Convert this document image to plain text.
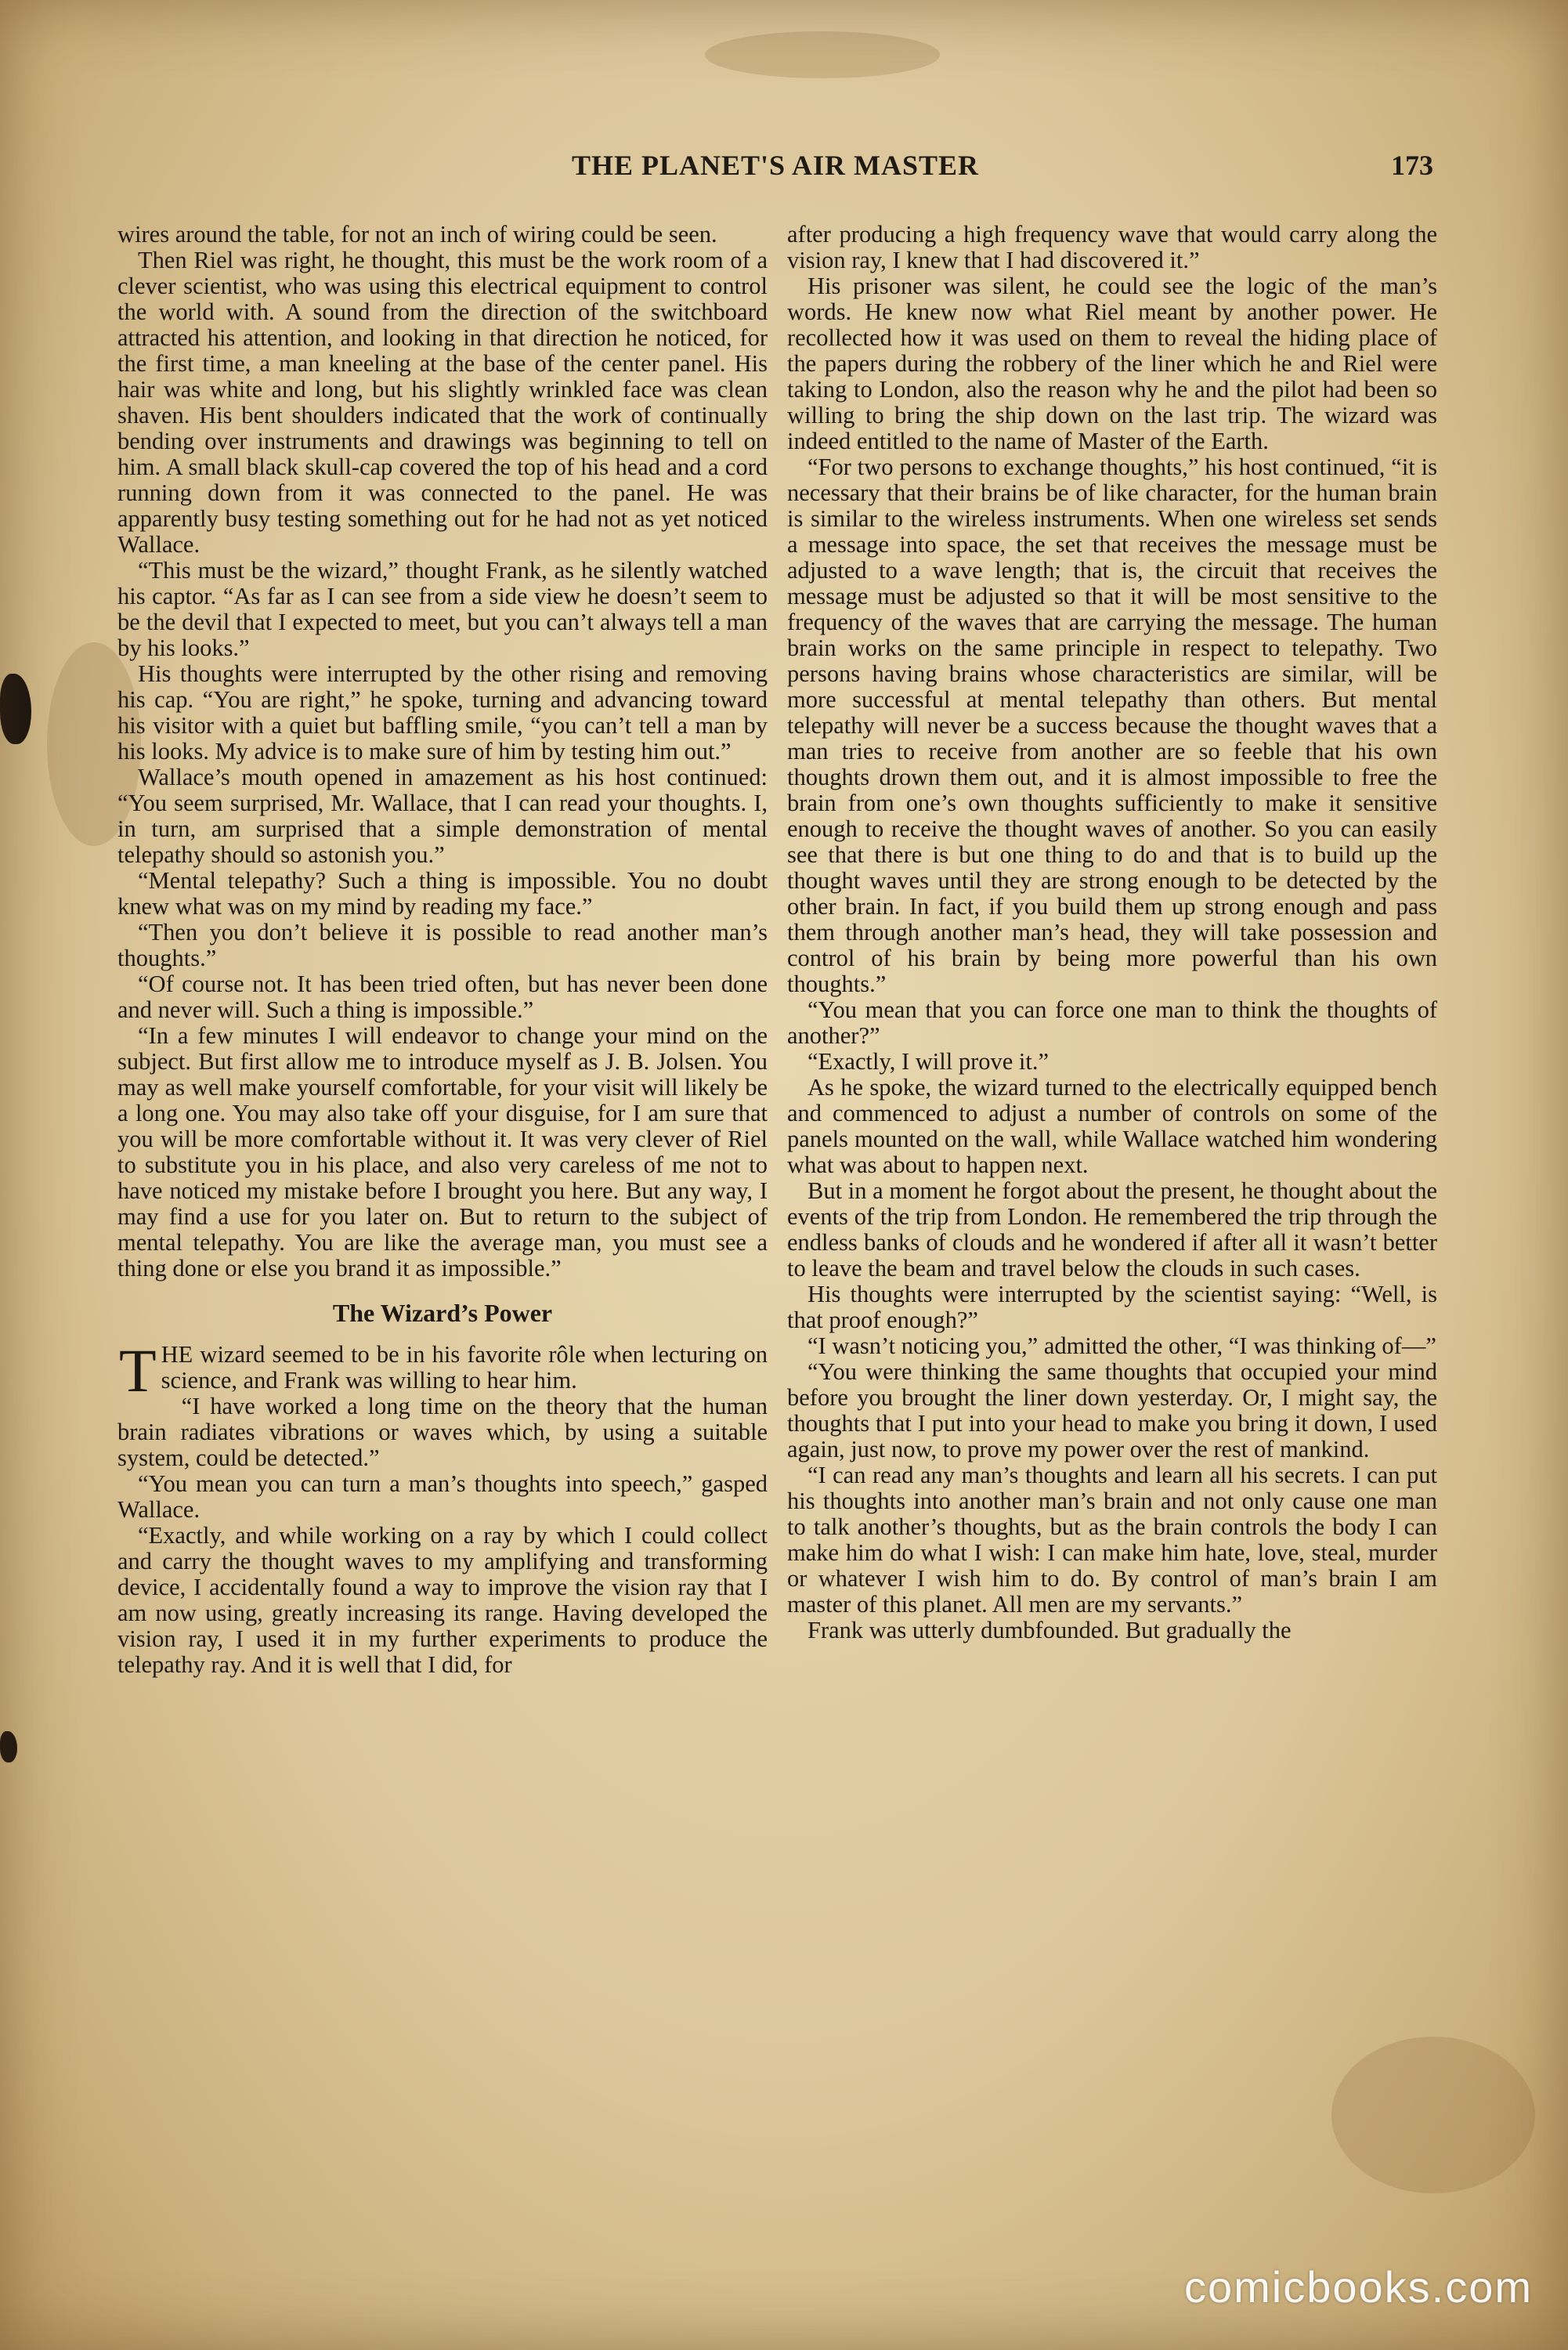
THE PLANET'S AIR MASTER	173

wires around the table, for not an inch of wiring could be seen.

Then Riel was right, he thought, this must be the work room of a clever scientist, who was using this electrical equipment to control the world with. A sound from the direction of the switchboard attracted his attention, and looking in that direction he noticed, for the first time, a man kneeling at the base of the center panel. His hair was white and long, but his slightly wrinkled face was clean shaven. His bent shoulders indicated that the work of continually bending over instruments and drawings was beginning to tell on him. A small black skull-cap covered the top of his head and a cord running down from it was connected to the panel. He was apparently busy testing something out for he had not as yet noticed Wallace.

“This must be the wizard,” thought Frank, as he silently watched his captor. “As far as I can see from a side view he doesn’t seem to be the devil that I expected to meet, but you can’t always tell a man by his looks.”

His thoughts were interrupted by the other rising and removing his cap. “You are right,” he spoke, turning and advancing toward his visitor with a quiet but baffling smile, “you can’t tell a man by his looks. My advice is to make sure of him by testing him out.”

Wallace’s mouth opened in amazement as his host continued: “You seem surprised, Mr. Wallace, that I can read your thoughts. I, in turn, am surprised that a simple demonstration of mental telepathy should so astonish you.”

“Mental telepathy? Such a thing is impossible. You no doubt knew what was on my mind by reading my face.”

“Then you don’t believe it is possible to read another man’s thoughts.”

“Of course not. It has been tried often, but has never been done and never will. Such a thing is impossible.”

“In a few minutes I will endeavor to change your mind on the subject. But first allow me to introduce myself as J. B. Jolsen. You may as well make yourself comfortable, for your visit will likely be a long one. You may also take off your disguise, for I am sure that you will be more comfortable without it. It was very clever of Riel to substitute you in his place, and also very careless of me not to have noticed my mistake before I brought you here. But any way, I may find a use for you later on. But to return to the subject of mental telepathy. You are like the average man, you must see a thing done or else you brand it as impossible.”

The Wizard’s Power

THE wizard seemed to be in his favorite rôle when lecturing on science, and Frank was willing to hear him.

“I have worked a long time on the theory that the human brain radiates vibrations or waves which, by using a suitable system, could be detected.”

“You mean you can turn a man’s thoughts into speech,” gasped Wallace.

“Exactly, and while working on a ray by which I could collect and carry the thought waves to my amplifying and transforming device, I accidentally found a way to improve the vision ray that I am now using, greatly increasing its range. Having developed the vision ray, I used it in my further experiments to produce the telepathy ray. And it is well that I did, for

after producing a high frequency wave that would carry along the vision ray, I knew that I had discovered it.”

His prisoner was silent, he could see the logic of the man’s words. He knew now what Riel meant by another power. He recollected how it was used on them to reveal the hiding place of the papers during the robbery of the liner which he and Riel were taking to London, also the reason why he and the pilot had been so willing to bring the ship down on the last trip. The wizard was indeed entitled to the name of Master of the Earth.

“For two persons to exchange thoughts,” his host continued, “it is necessary that their brains be of like character, for the human brain is similar to the wireless instruments. When one wireless set sends a message into space, the set that receives the message must be adjusted to a wave length; that is, the circuit that receives the message must be adjusted so that it will be most sensitive to the frequency of the waves that are carrying the message. The human brain works on the same principle in respect to telepathy. Two persons having brains whose characteristics are similar, will be more successful at mental telepathy than others. But mental telepathy will never be a success because the thought waves that a man tries to receive from another are so feeble that his own thoughts drown them out, and it is almost impossible to free the brain from one’s own thoughts sufficiently to make it sensitive enough to receive the thought waves of another. So you can easily see that there is but one thing to do and that is to build up the thought waves until they are strong enough to be detected by the other brain. In fact, if you build them up strong enough and pass them through another man’s head, they will take possession and control of his brain by being more powerful than his own thoughts.”

“You mean that you can force one man to think the thoughts of another?”

“Exactly, I will prove it.”

As he spoke, the wizard turned to the electrically equipped bench and commenced to adjust a number of controls on some of the panels mounted on the wall, while Wallace watched him wondering what was about to happen next.

But in a moment he forgot about the present, he thought about the events of the trip from London. He remembered the trip through the endless banks of clouds and he wondered if after all it wasn’t better to leave the beam and travel below the clouds in such cases.

His thoughts were interrupted by the scientist saying: “Well, is that proof enough?”

“I wasn’t noticing you,” admitted the other, “I was thinking of—”

“You were thinking the same thoughts that occupied your mind before you brought the liner down yesterday. Or, I might say, the thoughts that I put into your head to make you bring it down, I used again, just now, to prove my power over the rest of mankind.

“I can read any man’s thoughts and learn all his secrets. I can put his thoughts into another man’s brain and not only cause one man to talk another’s thoughts, but as the brain controls the body I can make him do what I wish: I can make him hate, love, steal, murder or whatever I wish him to do. By control of man’s brain I am master of this planet. All men are my servants.”

Frank was utterly dumbfounded. But gradually the

comicbooks.com
